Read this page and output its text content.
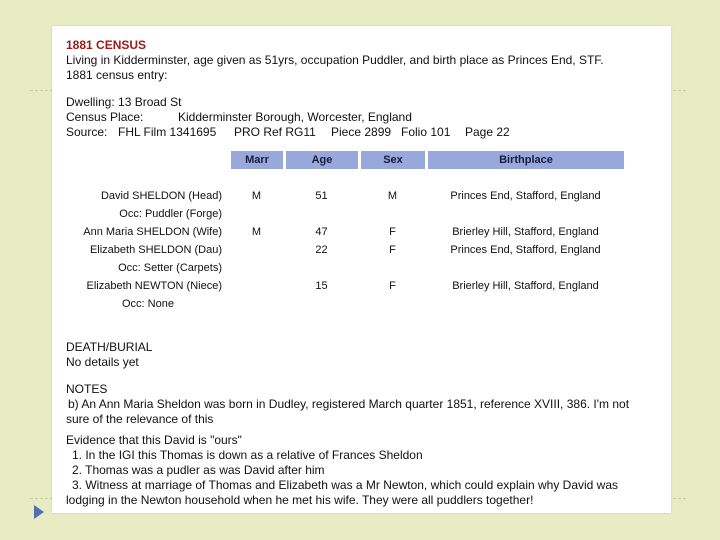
1881 CENSUS
Living in Kidderminster, age given as 51yrs, occupation Puddler, and birth place as Princes End, STF.
1881 census entry:
Dwelling: 13 Broad St
Census Place:	Kidderminster Borough, Worcester, England
Source: FHL Film 1341695 PRO Ref RG11 Piece 2899 Folio 101 Page 22
	Marr	Age	Sex	Birthplace

David SHELDON (Head)	M	51	M	Princes End, Stafford, England
Occ: Puddler (Forge)				
Ann Maria SHELDON (Wife)	M	47	F	Brierley Hill, Stafford, England
Elizabeth SHELDON (Dau)		22	F	Princes End, Stafford, England
Occ: Setter (Carpets)				
Elizabeth NEWTON (Niece)		15	F	Brierley Hill, Stafford, England
Occ: None				
DEATH/BURIAL
No details yet
NOTES
b) An Ann Maria Sheldon was born in Dudley, registered March quarter 1851, reference XVIII, 386. I'm not
sure of the relevance of this
Evidence that this David is "ours"
1. In the IGI this Thomas is down as a relative of Frances Sheldon
2. Thomas was a pudler as was David after him
3. Witness at marriage of Thomas and Elizabeth was a Mr Newton, which could explain why David was
lodging in the Newton household when he met his wife. They were all puddlers together!
